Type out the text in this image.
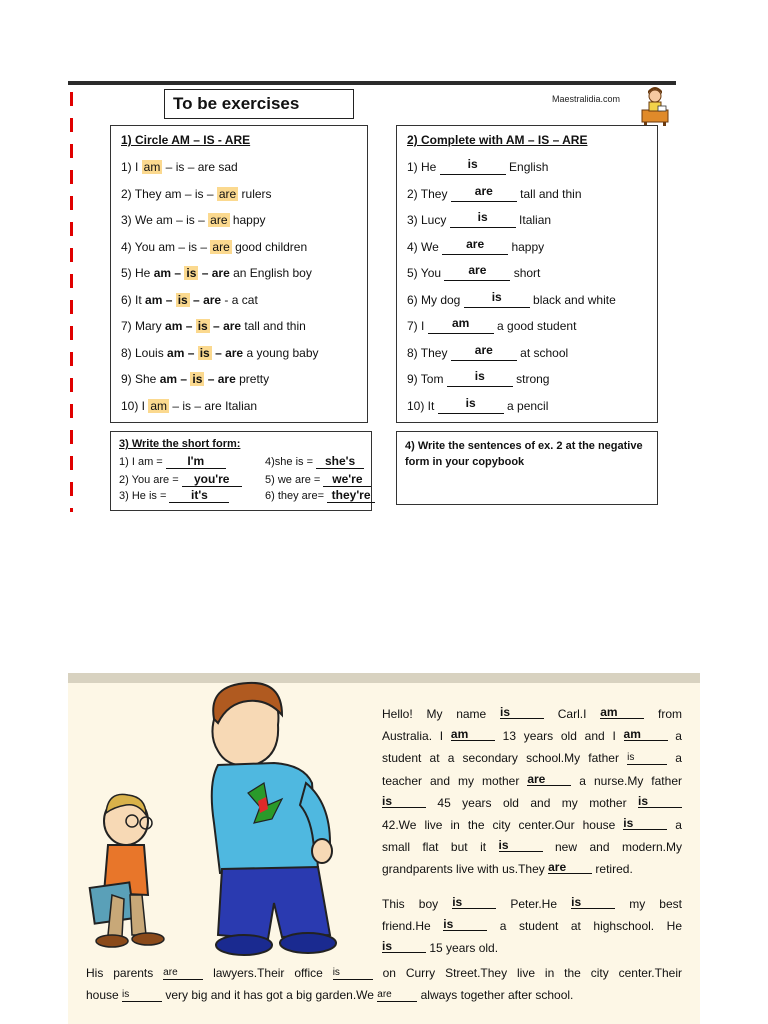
To be exercises	Maestralidia.com
1) Circle AM – IS - ARE
1) I am – is – are sad
2) They am – is – are rulers
3) We am – is – are happy
4) You am – is – are good children
5) He am – is – are an English boy
6) It am – is – are - a cat
7) Mary am – is – are tall and thin
8) Louis am – is – are a young baby
9) She am – is – are pretty
10) I am – is – are Italian
2) Complete with AM – IS – ARE
1) He is English
2) They are tall and thin
3) Lucy is Italian
4) We are happy
5) You are short
6) My dog is black and white
7) I am a good student
8) They are at school
9) Tom is strong
10) It is a pencil
3) Write the short form:
1) I am = I'm	4)she is = she's
2) You are = you're	5) we are = we're
3) He is = it's	6) they are= they're
4) Write the sentences of ex. 2 at the negative form in your copybook

Hello! My name is	Carl.I am from

Australia. I am 13 years old and I am a

student at a secondary school.My father is	a

teacher and my mother are a nurse.My father

is	45 years old and my mother is

42.We live in the city center.Our house is	a

small flat but it is	new and modern.My

grandparents live with us.They are retired.

This boy is	Peter.He is	my best

friend.He is	a student at highschool. He

is	15 years old.

His parents are lawyers.Their office is	on Curry Street.They live in the city center.Their

house is	very big and it has got a big garden.We are always together after school.
